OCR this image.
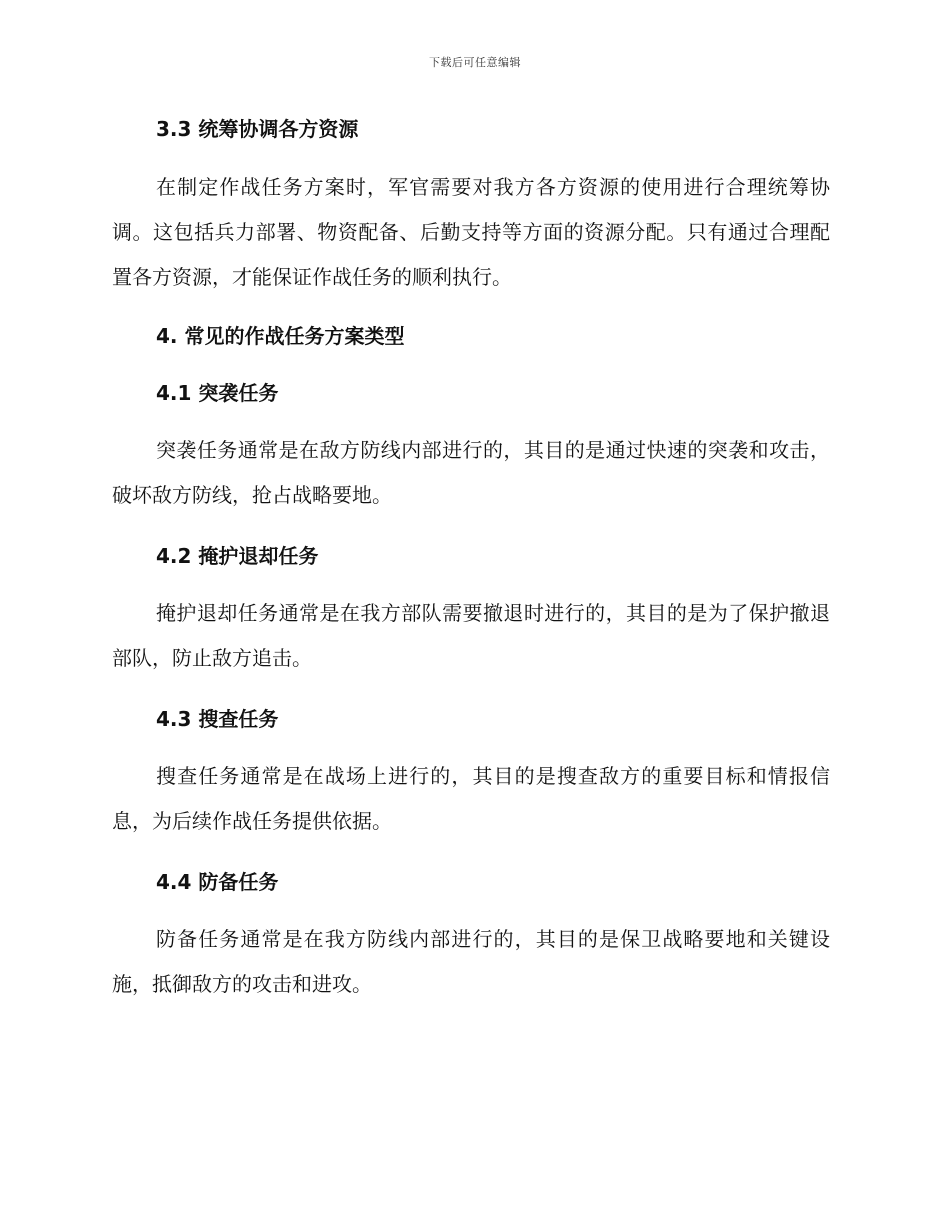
下载后可任意编辑
3.3 统筹协调各方资源

在制定作战任务方案时，军官需要对我方各方资源的使用进行合理统筹协调。这包括兵力部署、物资配备、后勤支持等方面的资源分配。只有通过合理配置各方资源，才能保证作战任务的顺利执行。

4. 常见的作战任务方案类型
4.1 突袭任务

突袭任务通常是在敌方防线内部进行的，其目的是通过快速的突袭和攻击，破坏敌方防线，抢占战略要地。

4.2 掩护退却任务

掩护退却任务通常是在我方部队需要撤退时进行的，其目的是为了保护撤退部队，防止敌方追击。

4.3 搜查任务

搜查任务通常是在战场上进行的，其目的是搜查敌方的重要目标和情报信息，为后续作战任务提供依据。

4.4 防备任务

防备任务通常是在我方防线内部进行的，其目的是保卫战略要地和关键设施，抵御敌方的攻击和进攻。
